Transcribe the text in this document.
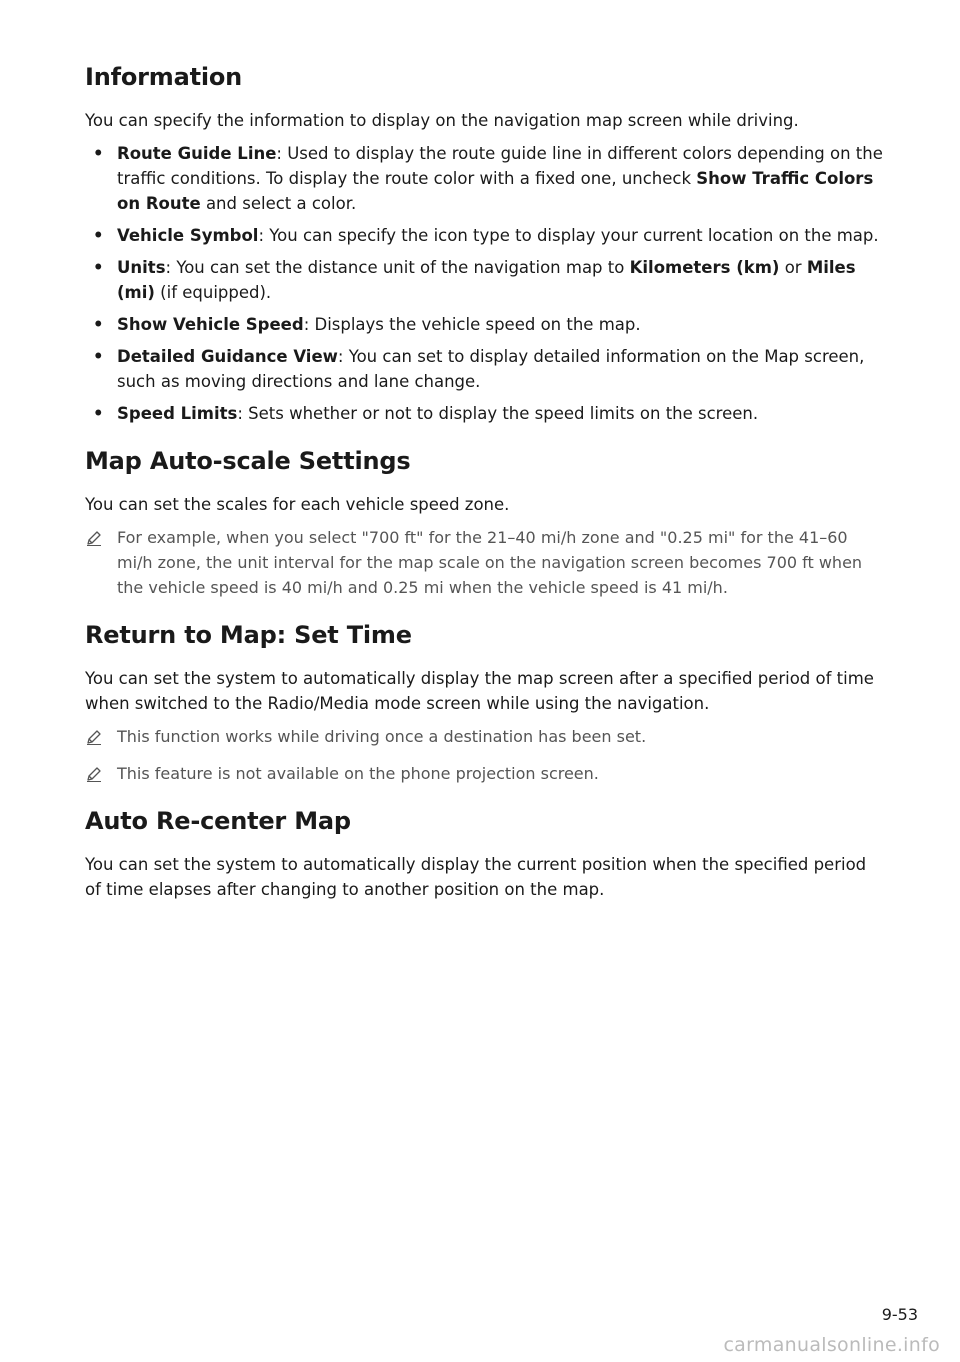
Information

You can specify the information to display on the navigation map screen while driving.

• Route Guide Line: Used to display the route guide line in different colors depending on the traffic conditions. To display the route color with a fixed one, uncheck Show Traffic Colors on Route and select a color.
• Vehicle Symbol: You can specify the icon type to display your current location on the map.
• Units: You can set the distance unit of the navigation map to Kilometers (km) or Miles (mi) (if equipped).
• Show Vehicle Speed: Displays the vehicle speed on the map.
• Detailed Guidance View: You can set to display detailed information on the Map screen, such as moving directions and lane change.
• Speed Limits: Sets whether or not to display the speed limits on the screen.
Map Auto-scale Settings

You can set the scales for each vehicle speed zone.

For example, when you select "700 ft" for the 21–40 mi/h zone and "0.25 mi" for the 41–60 mi/h zone, the unit interval for the map scale on the navigation screen becomes 700 ft when the vehicle speed is 40 mi/h and 0.25 mi when the vehicle speed is 41 mi/h.
Return to Map: Set Time

You can set the system to automatically display the map screen after a specified period of time when switched to the Radio/Media mode screen while using the navigation.

This function works while driving once a destination has been set.
This feature is not available on the phone projection screen.
Auto Re-center Map

You can set the system to automatically display the current position when the specified period of time elapses after changing to another position on the map.

9-53
carmanualsonline.info
